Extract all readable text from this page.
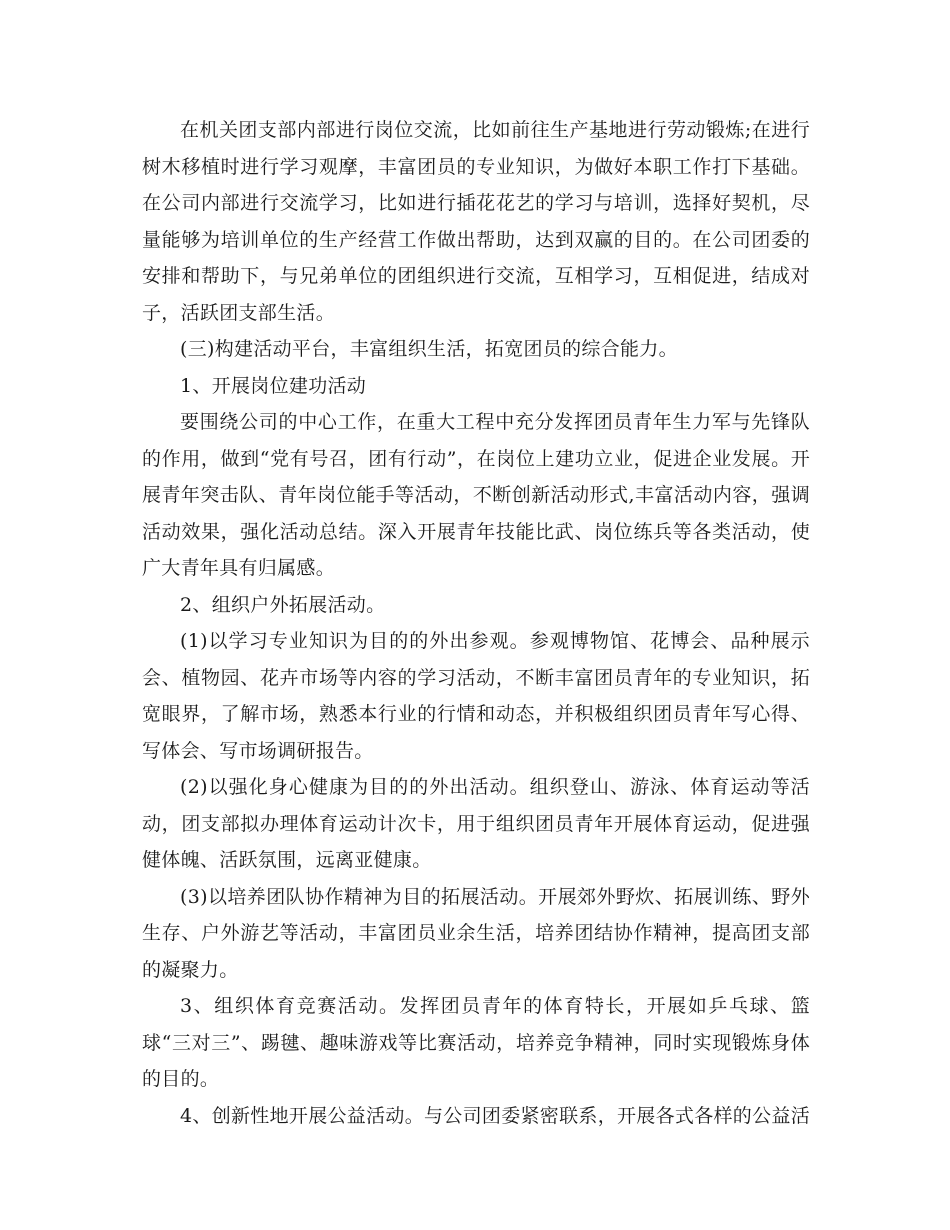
在机关团支部内部进行岗位交流，比如前往生产基地进行劳动锻炼;在进行树木移植时进行学习观摩，丰富团员的专业知识，为做好本职工作打下基础。在公司内部进行交流学习，比如进行插花花艺的学习与培训，选择好契机，尽量能够为培训单位的生产经营工作做出帮助，达到双赢的目的。在公司团委的安排和帮助下，与兄弟单位的团组织进行交流，互相学习，互相促进，结成对子，活跃团支部生活。

(三)构建活动平台，丰富组织生活，拓宽团员的综合能力。

1、开展岗位建功活动

要围绕公司的中心工作，在重大工程中充分发挥团员青年生力军与先锋队的作用，做到“党有号召，团有行动”，在岗位上建功立业，促进企业发展。开展青年突击队、青年岗位能手等活动，不断创新活动形式,丰富活动内容，强调活动效果，强化活动总结。深入开展青年技能比武、岗位练兵等各类活动，使广大青年具有归属感。

2、组织户外拓展活动。

(1)以学习专业知识为目的的外出参观。参观博物馆、花博会、品种展示会、植物园、花卉市场等内容的学习活动，不断丰富团员青年的专业知识，拓宽眼界，了解市场，熟悉本行业的行情和动态，并积极组织团员青年写心得、写体会、写市场调研报告。

(2)以强化身心健康为目的的外出活动。组织登山、游泳、体育运动等活动，团支部拟办理体育运动计次卡，用于组织团员青年开展体育运动，促进强健体魄、活跃氛围，远离亚健康。

(3)以培养团队协作精神为目的拓展活动。开展郊外野炊、拓展训练、野外生存、户外游艺等活动，丰富团员业余生活，培养团结协作精神，提高团支部的凝聚力。

3、组织体育竞赛活动。发挥团员青年的体育特长，开展如乒乓球、篮球“三对三”、踢毽、趣味游戏等比赛活动，培养竞争精神，同时实现锻炼身体的目的。

4、创新性地开展公益活动。与公司团委紧密联系，开展各式各样的公益活
